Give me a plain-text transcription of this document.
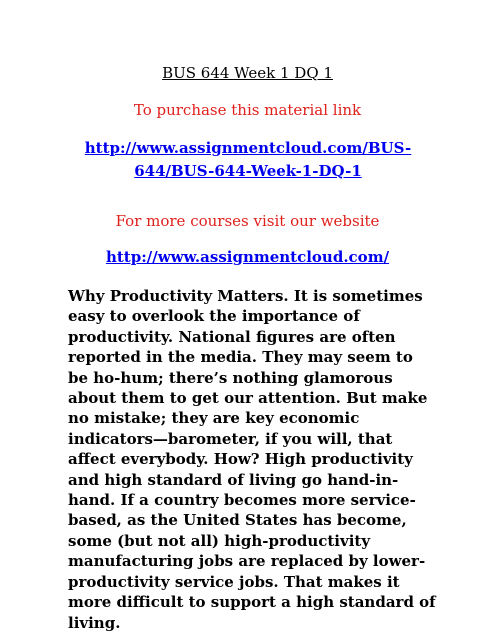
BUS 644 Week 1 DQ 1

To purchase this material link

http://www.assignmentcloud.com/BUS-644/BUS-644-Week-1-DQ-1

For more courses visit our website

http://www.assignmentcloud.com/

Why Productivity Matters. It is sometimes easy to overlook the importance of productivity. National figures are often reported in the media. They may seem to be ho-hum; there’s nothing glamorous about them to get our attention. But make no mistake; they are key economic indicators—barometer, if you will, that affect everybody. How? High productivity and high standard of living go hand-in-hand. If a country becomes more service-based, as the United States has become, some (but not all) high-productivity manufacturing jobs are replaced by lower-productivity service jobs. That makes it more difficult to support a high standard of living.
